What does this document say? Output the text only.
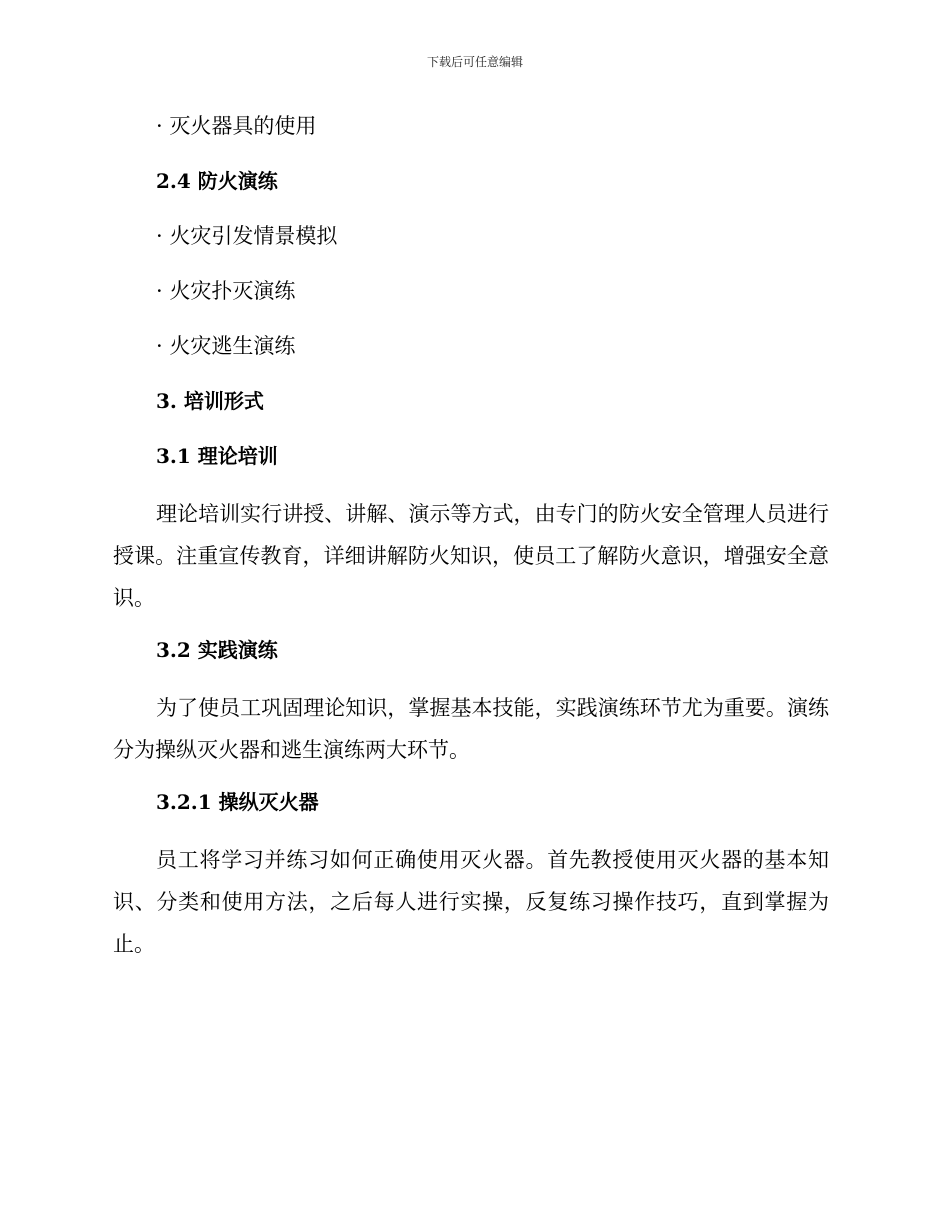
下载后可任意编辑
· 灭火器具的使用
2.4 防火演练
· 火灾引发情景模拟
· 火灾扑灭演练
· 火灾逃生演练
3. 培训形式
3.1 理论培训

理论培训实行讲授、讲解、演示等方式，由专门的防火安全管理人员进行授课。注重宣传教育，详细讲解防火知识，使员工了解防火意识，增强安全意识。

3.2 实践演练

为了使员工巩固理论知识，掌握基本技能，实践演练环节尤为重要。演练分为操纵灭火器和逃生演练两大环节。

3.2.1 操纵灭火器

员工将学习并练习如何正确使用灭火器。首先教授使用灭火器的基本知识、分类和使用方法，之后每人进行实操，反复练习操作技巧，直到掌握为止。
